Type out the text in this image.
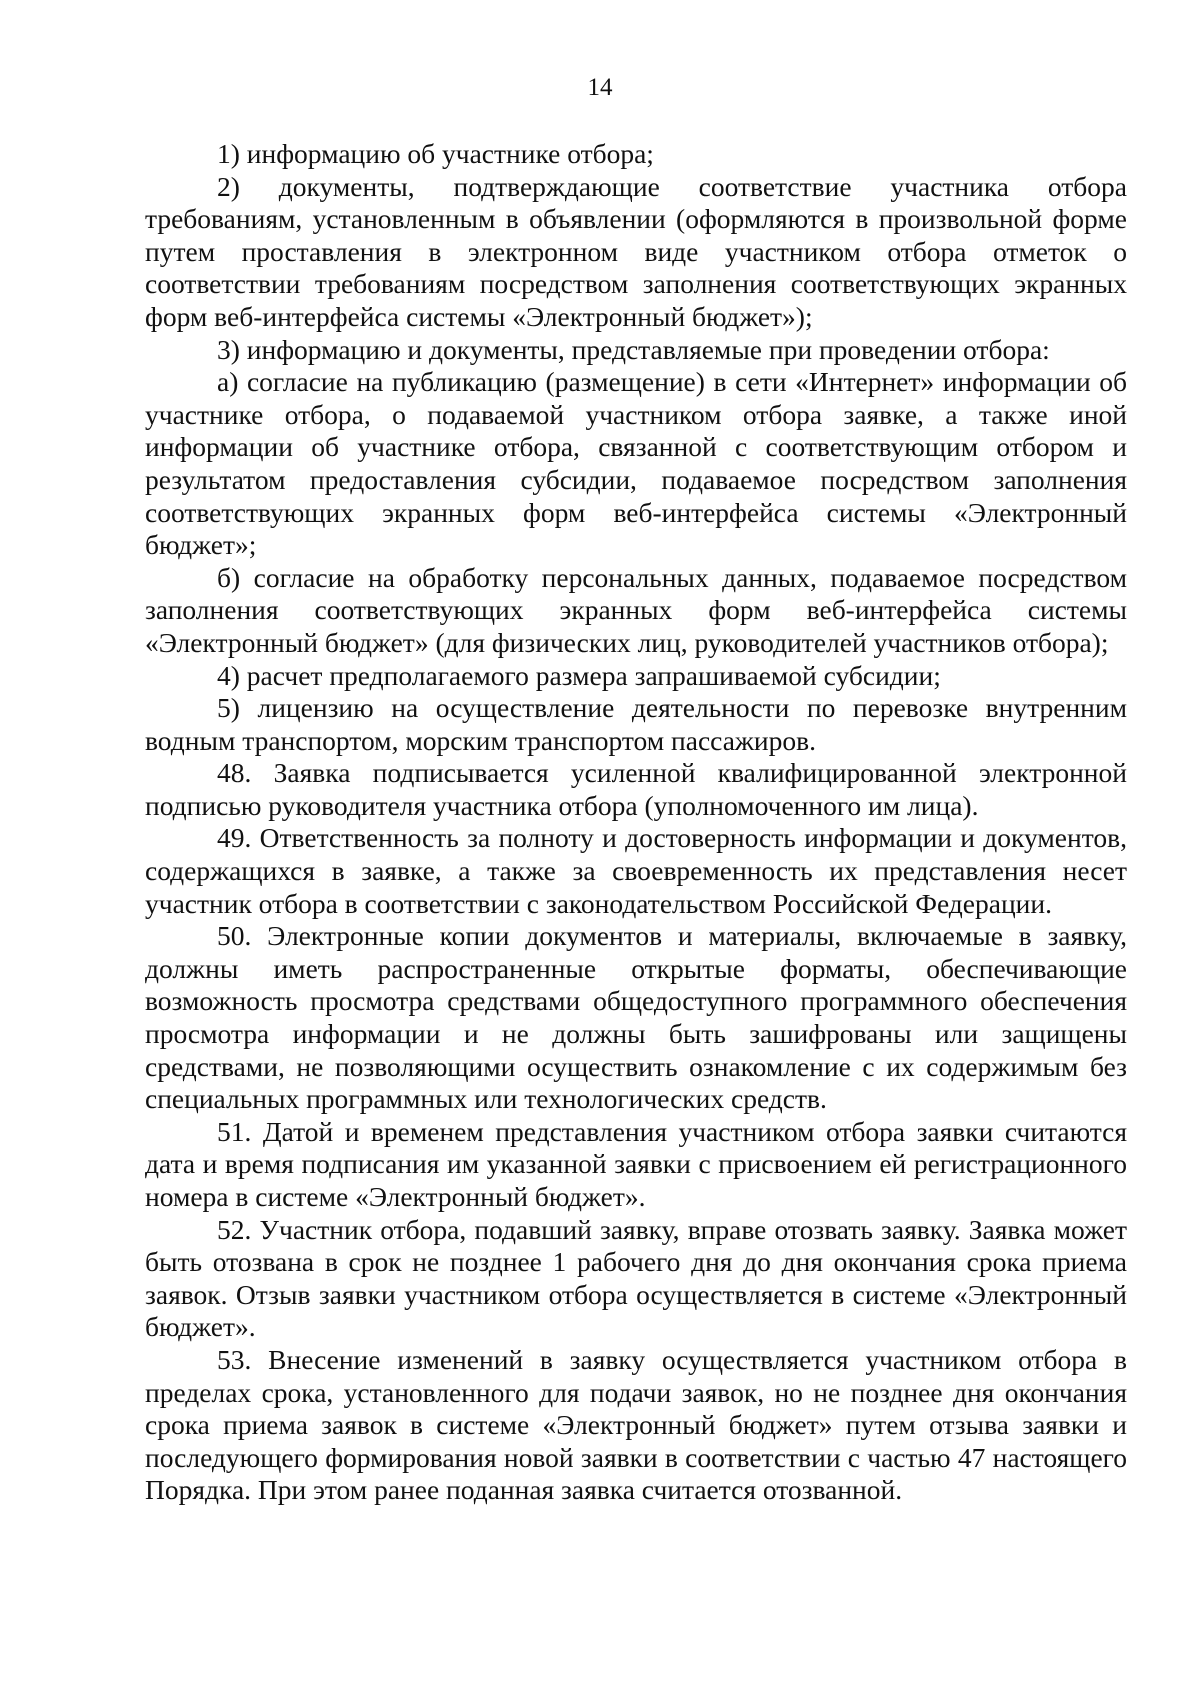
14

1) информацию об участнике отбора;

2) документы, подтверждающие соответствие участника отбора требованиям, установленным в объявлении (оформляются в произвольной форме путем проставления в электронном виде участником отбора отметок о соответствии требованиям посредством заполнения соответствующих экранных форм веб-интерфейса системы «Электронный бюджет»);

3) информацию и документы, представляемые при проведении отбора:

а) согласие на публикацию (размещение) в сети «Интернет» информации об участнике отбора, о подаваемой участником отбора заявке, а также иной информации об участнике отбора, связанной с соответствующим отбором и результатом предоставления субсидии, подаваемое посредством заполнения соответствующих экранных форм веб-интерфейса системы «Электронный бюджет»;

б) согласие на обработку персональных данных, подаваемое посредством заполнения соответствующих экранных форм веб-интерфейса системы «Электронный бюджет» (для физических лиц, руководителей участников отбора);

4) расчет предполагаемого размера запрашиваемой субсидии;

5) лицензию на осуществление деятельности по перевозке внутренним водным транспортом, морским транспортом пассажиров.

48. Заявка подписывается усиленной квалифицированной электронной подписью руководителя участника отбора (уполномоченного им лица).

49. Ответственность за полноту и достоверность информации и документов, содержащихся в заявке, а также за своевременность их представления несет участник отбора в соответствии с законодательством Российской Федерации.

50. Электронные копии документов и материалы, включаемые в заявку, должны иметь распространенные открытые форматы, обеспечивающие возможность просмотра средствами общедоступного программного обеспечения просмотра информации и не должны быть зашифрованы или защищены средствами, не позволяющими осуществить ознакомление с их содержимым без специальных программных или технологических средств.

51. Датой и временем представления участником отбора заявки считаются дата и время подписания им указанной заявки с присвоением ей регистрационного номера в системе «Электронный бюджет».

52. Участник отбора, подавший заявку, вправе отозвать заявку. Заявка может быть отозвана в срок не позднее 1 рабочего дня до дня окончания срока приема заявок. Отзыв заявки участником отбора осуществляется в системе «Электронный бюджет».

53. Внесение изменений в заявку осуществляется участником отбора в пределах срока, установленного для подачи заявок, но не позднее дня окончания срока приема заявок в системе «Электронный бюджет» путем отзыва заявки и последующего формирования новой заявки в соответствии с частью 47 настоящего Порядка. При этом ранее поданная заявка считается отозванной.
